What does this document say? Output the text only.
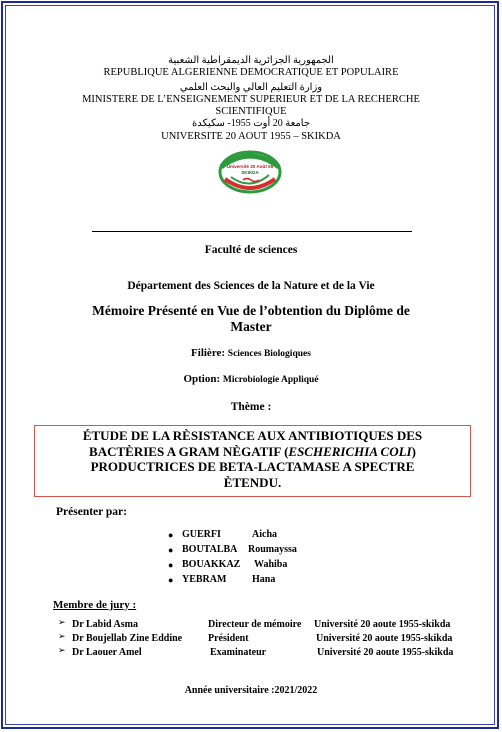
الجمهورية الجزائرية الديمقراطية الشعبية
REPUBLIQUE ALGERIENNE DEMOCRATIQUE ET POPULAIRE
وزارة التعليم العالي والبحث العلمي
MINISTERE DE L’ENSEIGNEMENT SUPERIEUR ET DE LA RECHERCHE
SCIENTIFIQUE
جامعة 20 أوت 1955- سكيكدة
UNIVERSITE 20 AOUT 1955 – SKIKDA
Université 20 Août 55
SKIKDA
Faculté de sciences
Département des Sciences de la Nature et de la Vie
Mémoire Présenté en Vue de l’obtention du Diplôme de
Master
Filière: Sciences Biologiques
Option: Microbiologie Appliqué
Thème :
ÉTUDE DE LA RÈSISTANCE AUX ANTIBIOTIQUES DES
BACTÈRIES A GRAM NÈGATIF (ESCHERICHIA COLI)
PRODUCTRICES DE BETA-LACTAMASE A SPECTRE
ÈTENDU.
Présenter par:
● GUERFI	Aicha
● BOUTALBA Roumayssa
● BOUAKKAZ Wahiba
● YEBRAM	Hana
Membre de jury :
➢ Dr Labid Asma	Directeur de mémoire Université 20 aoute 1955-skikda
➢ Dr Boujellab Zine Eddine	Président	Université 20 aoute 1955-skikda
➢ Dr Laouer Amel	Examinateur	Université 20 aoute 1955-skikda
Année universitaire :2021/2022
